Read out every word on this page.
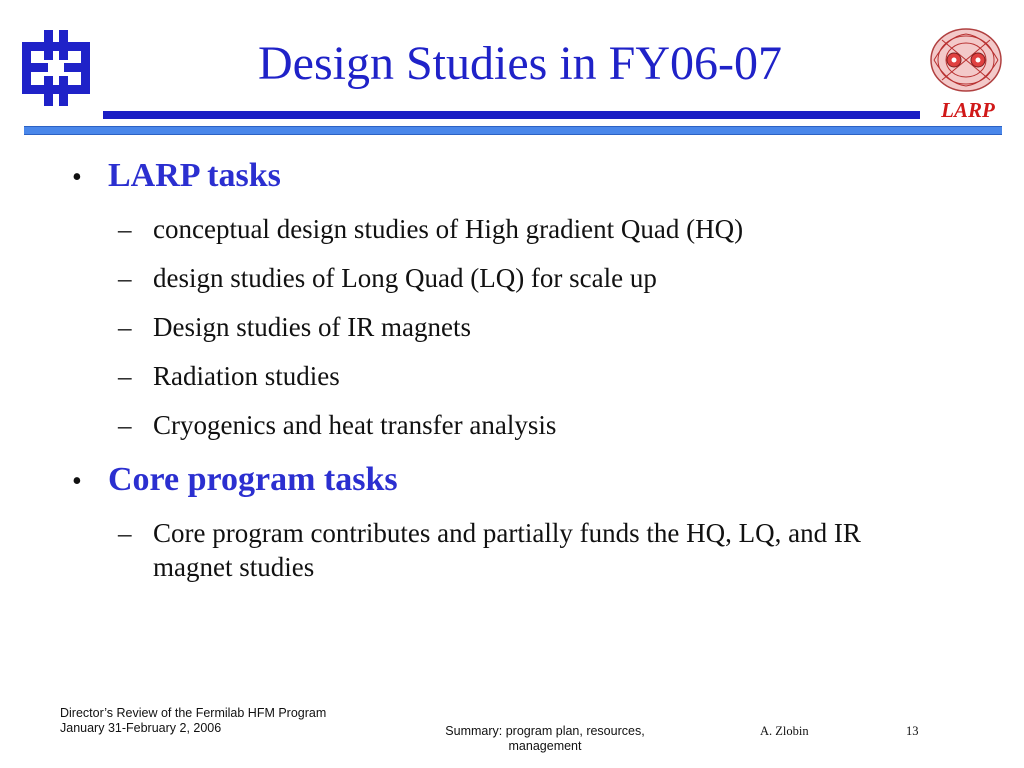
Design Studies in FY06-07
LARP
• LARP tasks
– conceptual design studies of High gradient Quad (HQ)
– design studies of Long Quad (LQ) for scale up
– Design studies of IR magnets
– Radiation studies
– Cryogenics and heat transfer analysis
• Core program tasks
– Core program contributes and partially funds the HQ, LQ, and IR magnet studies
Director’s Review of the Fermilab HFM Program
January 31-February 2, 2006	Summary: program plan, resources, management
A. Zlobin	13
